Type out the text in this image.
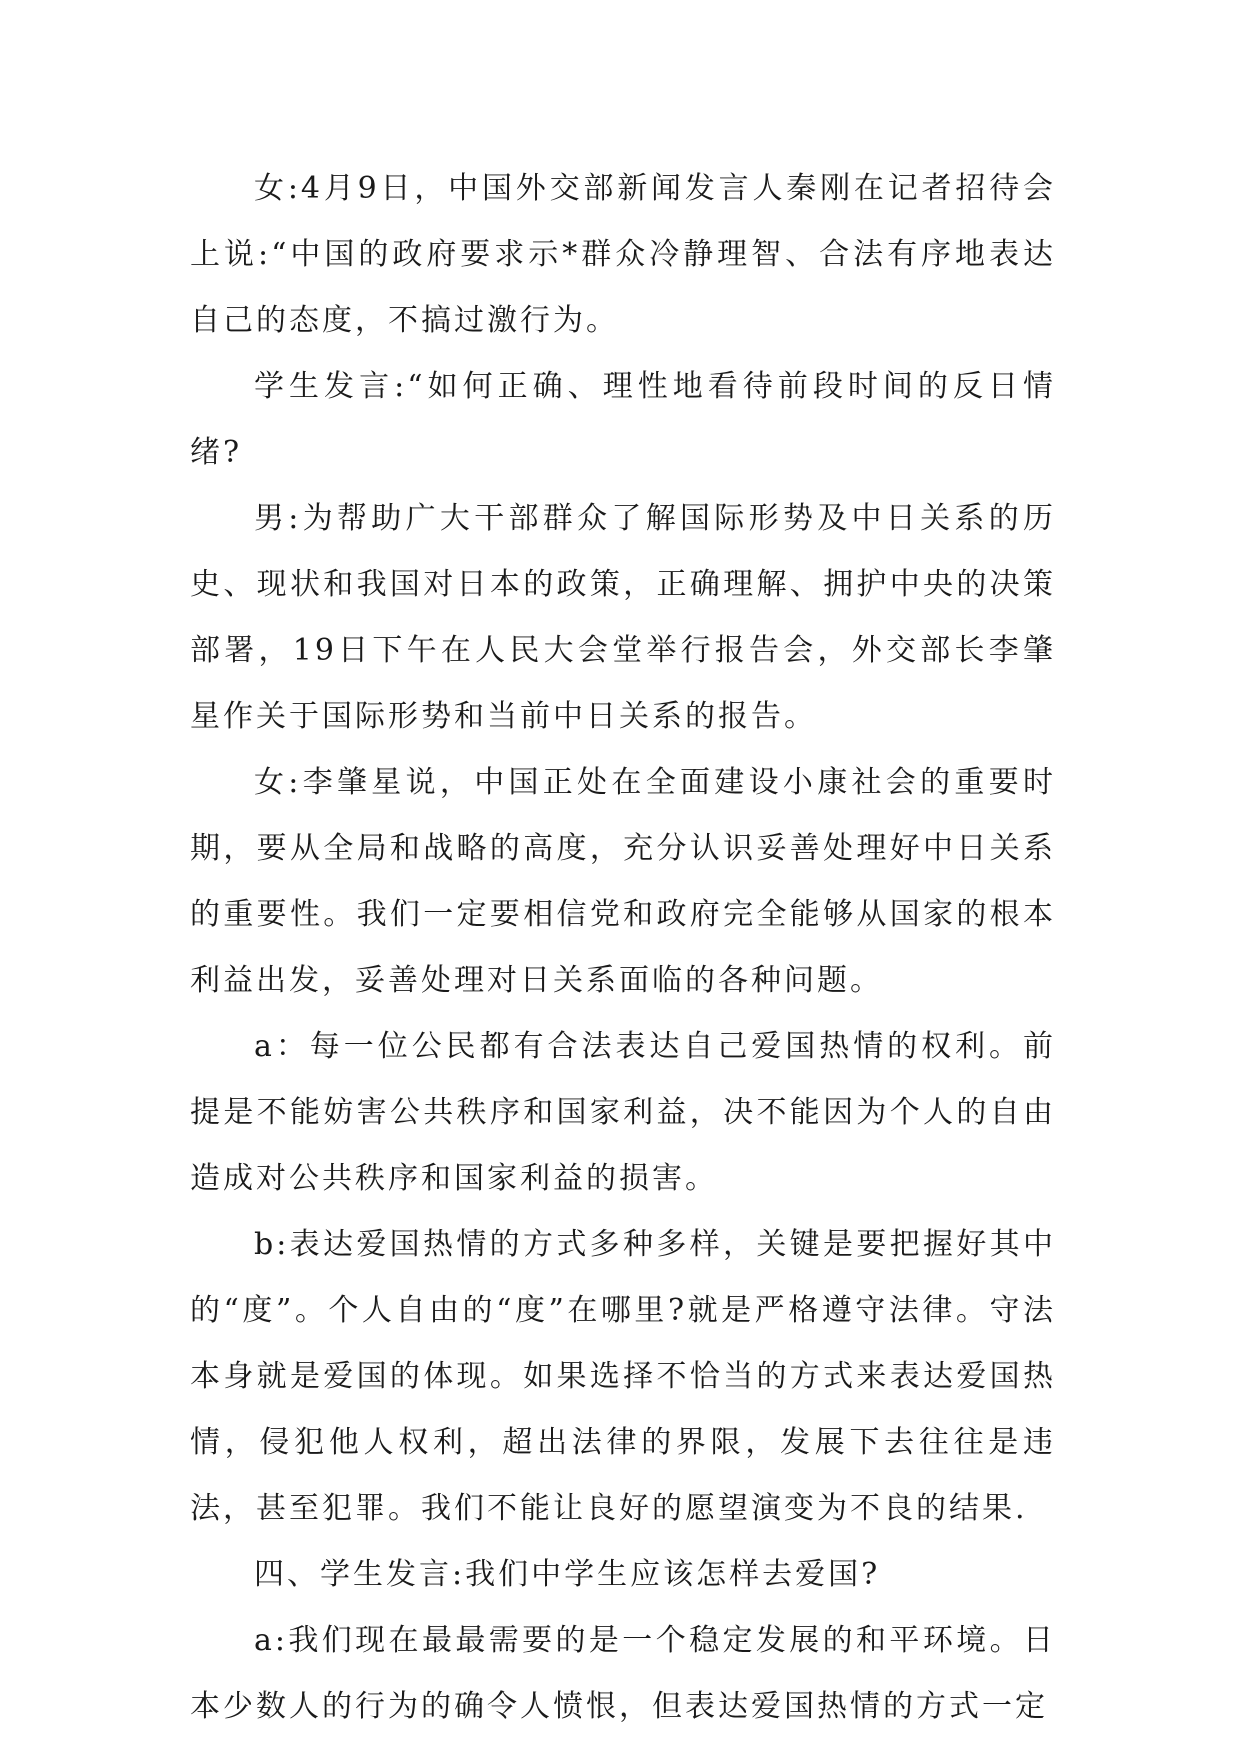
女:4月9日，中国外交部新闻发言人秦刚在记者招待会上说:“中国的政府要求示*群众冷静理智、合法有序地表达自己的态度，不搞过激行为。

学生发言:“如何正确、理性地看待前段时间的反日情绪?

男:为帮助广大干部群众了解国际形势及中日关系的历史、现状和我国对日本的政策，正确理解、拥护中央的决策部署，19日下午在人民大会堂举行报告会，外交部长李肇星作关于国际形势和当前中日关系的报告。

女:李肇星说，中国正处在全面建设小康社会的重要时期，要从全局和战略的高度，充分认识妥善处理好中日关系的重要性。我们一定要相信党和政府完全能够从国家的根本利益出发，妥善处理对日关系面临的各种问题。

a：每一位公民都有合法表达自己爱国热情的权利。前提是不能妨害公共秩序和国家利益，决不能因为个人的自由造成对公共秩序和国家利益的损害。

b:表达爱国热情的方式多种多样，关键是要把握好其中的“度”。个人自由的“度”在哪里?就是严格遵守法律。守法本身就是爱国的体现。如果选择不恰当的方式来表达爱国热情，侵犯他人权利，超出法律的界限，发展下去往往是违法，甚至犯罪。我们不能让良好的愿望演变为不良的结果.

四、学生发言:我们中学生应该怎样去爱国?

a:我们现在最最需要的是一个稳定发展的和平环境。日本少数人的行为的确令人愤恨，但表达爱国热情的方式一定
